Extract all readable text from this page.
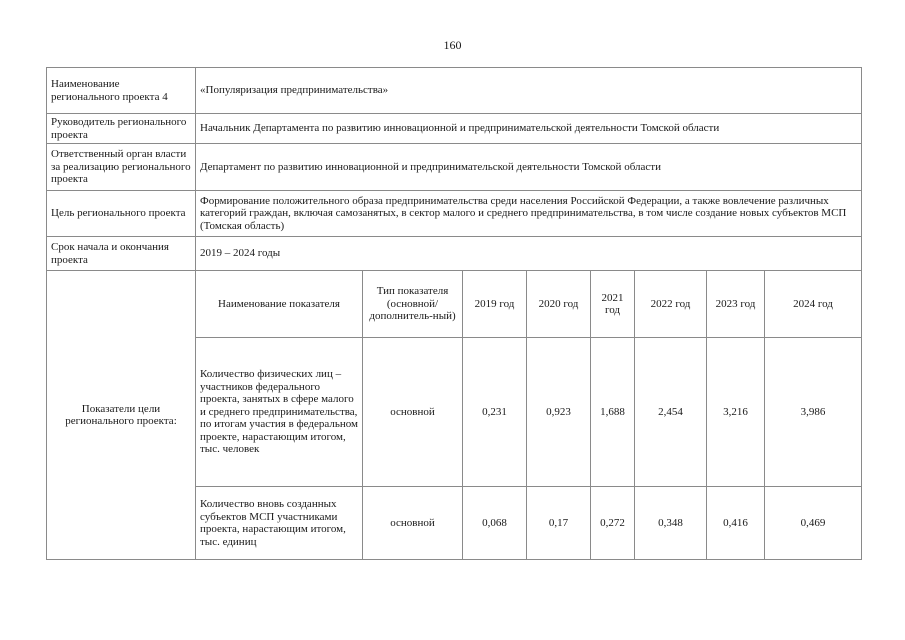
160
Наименование регионального проекта 4	«Популяризация предпринимательства»							
Руководитель регионального проекта	Начальник Департамента по развитию инновационной и предпринимательской деятельности Томской области							
Ответственный орган власти за реализацию регионального проекта	Департамент по развитию инновационной и предпринимательской деятельности Томской области							
Цель регионального проекта	Формирование положительного образа предпринимательства среди населения Российской Федерации, а также вовлечение различных категорий граждан, включая самозанятых, в сектор малого и среднего предпринимательства, в том числе создание новых субъектов МСП (Томская область)							
Срок начала и окончания проекта	2019 – 2024 годы							
Показатели цели регионального проекта:	Наименование показателя	Тип показателя (основной/ дополнитель-ный)	2019 год	2020 год	2021 год	2022 год	2023 год	2024 год
	Количество физических лиц – участников федерального проекта, занятых в сфере малого и среднего предпринимательства, по итогам участия в федеральном проекте, нарастающим итогом, тыс. человек	основной	0,231	0,923	1,688	2,454	3,216	3,986
	Количество вновь созданных субъектов МСП участниками проекта, нарастающим итогом, тыс. единиц	основной	0,068	0,17	0,272	0,348	0,416	0,469
